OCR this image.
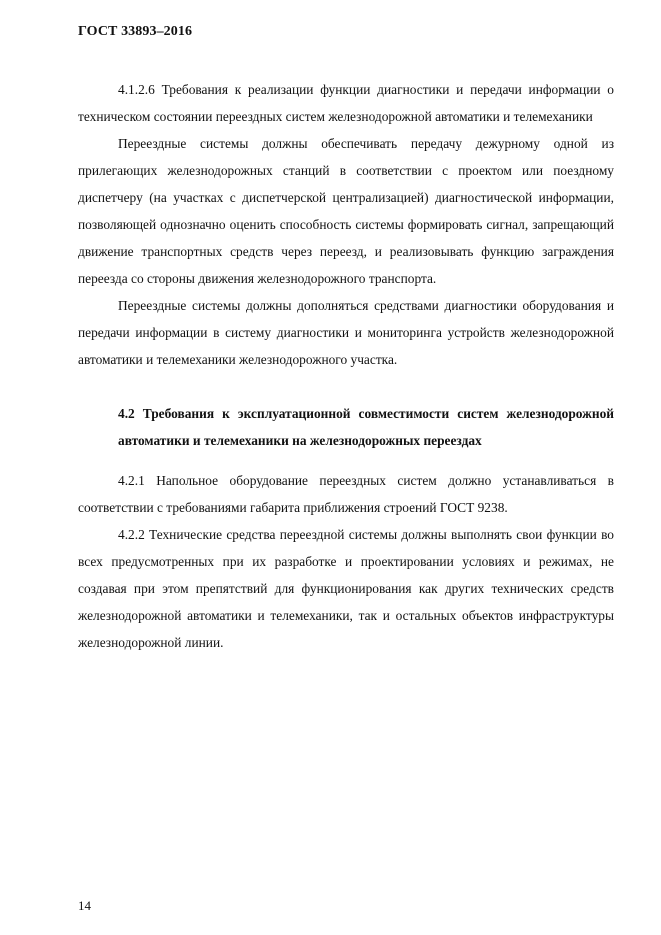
ГОСТ 33893–2016

4.1.2.6 Требования к реализации функции диагностики и передачи информации о техническом состоянии переездных систем железнодорожной автоматики и телемеханики

Переездные системы должны обеспечивать передачу дежурному одной из прилегающих железнодорожных станций в соответствии с проектом или поездному диспетчеру (на участках с диспетчерской централизацией) диагностической информации, позволяющей однозначно оценить способность системы формировать сигнал, запрещающий движение транспортных средств через переезд, и реализовывать функцию заграждения переезда со стороны движения железнодорожного транспорта.

Переездные системы должны дополняться средствами диагностики оборудования и передачи информации в систему диагностики и мониторинга устройств железнодорожной автоматики и телемеханики железнодорожного участка.

4.2 Требования к эксплуатационной совместимости систем железнодорожной автоматики и телемеханики на железнодорожных переездах

4.2.1 Напольное оборудование переездных систем должно устанавливаться в соответствии с требованиями габарита приближения строений ГОСТ 9238.

4.2.2 Технические средства переездной системы должны выполнять свои функции во всех предусмотренных при их разработке и проектировании условиях и режимах, не создавая при этом препятствий для функционирования как других технических средств железнодорожной автоматики и телемеханики, так и остальных объектов инфраструктуры железнодорожной линии.

14
